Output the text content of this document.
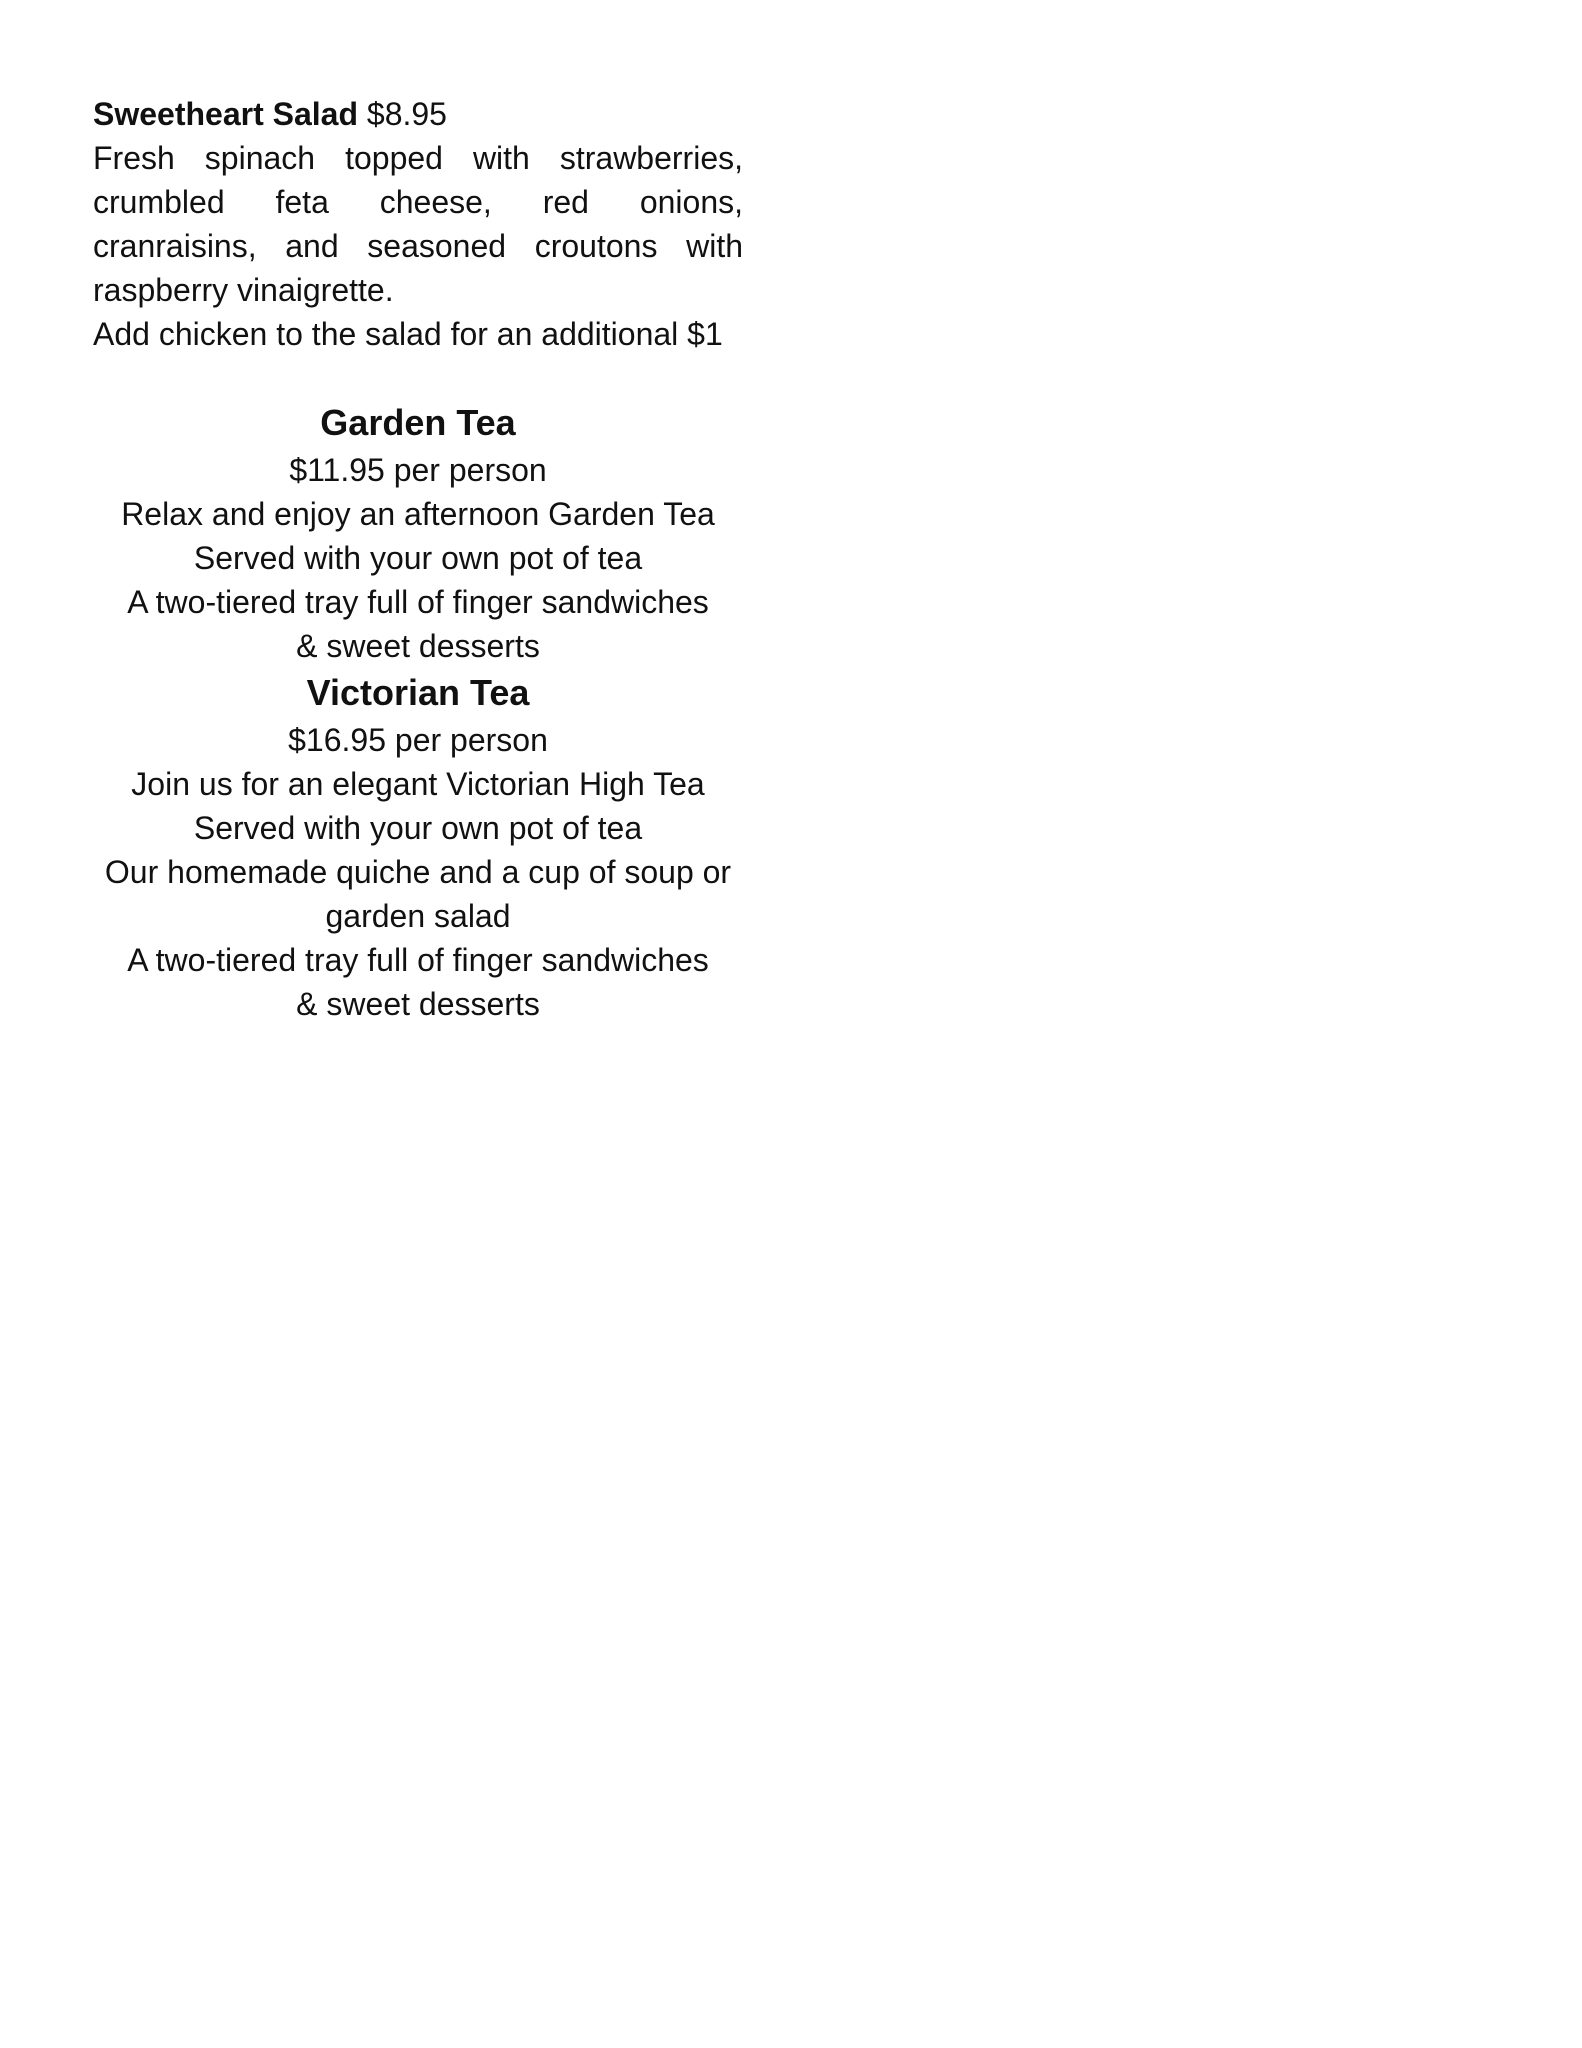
Sweetheart Salad $8.95

Fresh spinach topped with strawberries, crumbled feta cheese, red onions, cranraisins, and seasoned croutons with raspberry vinaigrette.

Add chicken to the salad for an additional $1

Garden Tea

$11.95 per person

Relax and enjoy an afternoon Garden Tea

Served with your own pot of tea

A two-tiered tray full of finger sandwiches

& sweet desserts

Victorian Tea

$16.95 per person

Join us for an elegant Victorian High Tea

Served with your own pot of tea

Our homemade quiche and a cup of soup or

garden salad

A two-tiered tray full of finger sandwiches

& sweet desserts
